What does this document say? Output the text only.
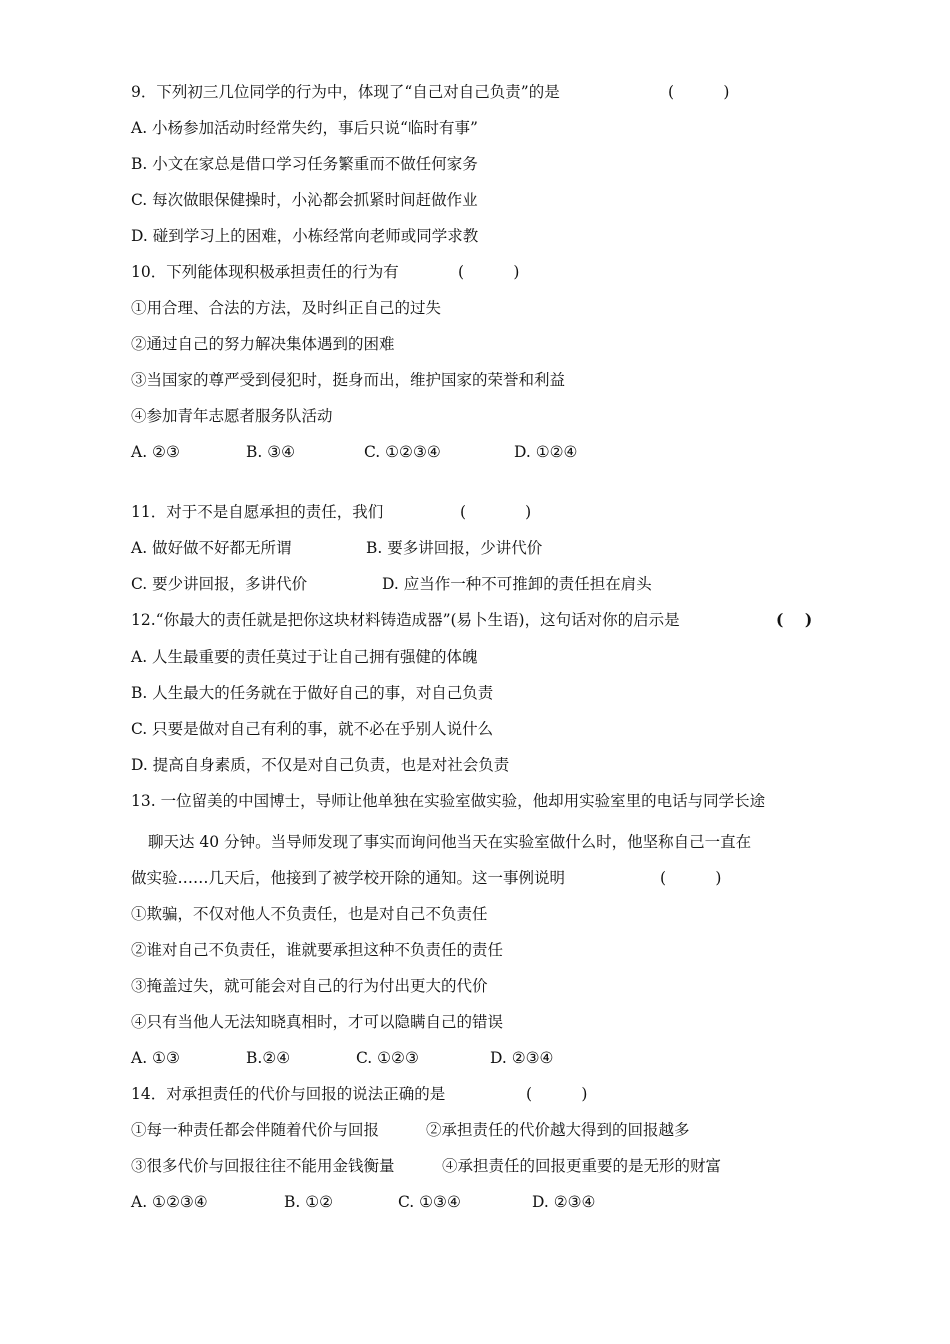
9．下列初三几位同学的行为中，体现了“自己对自己负责”的是	(          )
A. 小杨参加活动时经常失约，事后只说“临时有事”
B. 小文在家总是借口学习任务繁重而不做任何家务
C. 每次做眼保健操时，小沁都会抓紧时间赶做作业
D. 碰到学习上的困难，小栋经常向老师或同学求教
10．下列能体现积极承担责任的行为有	(          )
①用合理、合法的方法，及时纠正自己的过失
②通过自己的努力解决集体遇到的困难
③当国家的尊严受到侵犯时，挺身而出，维护国家的荣誉和利益
④参加青年志愿者服务队活动
A. ②③	B. ③④	C. ①②③④	D. ①②④
11．对于不是自愿承担的责任，我们	(            )
A. 做好做不好都无所谓	B. 要多讲回报，少讲代价
C. 要少讲回报，多讲代价	D. 应当作一种不可推卸的责任担在肩头
12.“你最大的责任就是把你这块材料铸造成器”(易卜生语)，这句话对你的启示是	(    )
A. 人生最重要的责任莫过于让自己拥有强健的体魄
B. 人生最大的任务就在于做好自己的事，对自己负责
C. 只要是做对自己有利的事，就不必在乎别人说什么
D. 提高自身素质，不仅是对自己负责，也是对社会负责
13. 一位留美的中国博士，导师让他单独在实验室做实验，他却用实验室里的电话与同学长途
聊天达 40 分钟。当导师发现了事实而询问他当天在实验室做什么时，他坚称自己一直在
做实验……几天后，他接到了被学校开除的通知。这一事例说明	(          )
①欺骗，不仅对他人不负责任，也是对自己不负责任
②谁对自己不负责任，谁就要承担这种不负责任的责任
③掩盖过失，就可能会对自己的行为付出更大的代价
④只有当他人无法知晓真相时，才可以隐瞒自己的错误
A. ①③	B.②④	C. ①②③	D. ②③④
14．对承担责任的代价与回报的说法正确的是	(          )
①每一种责任都会伴随着代价与回报	②承担责任的代价越大得到的回报越多
③很多代价与回报往往不能用金钱衡量	④承担责任的回报更重要的是无形的财富
A. ①②③④	B. ①②	C. ①③④	D. ②③④
